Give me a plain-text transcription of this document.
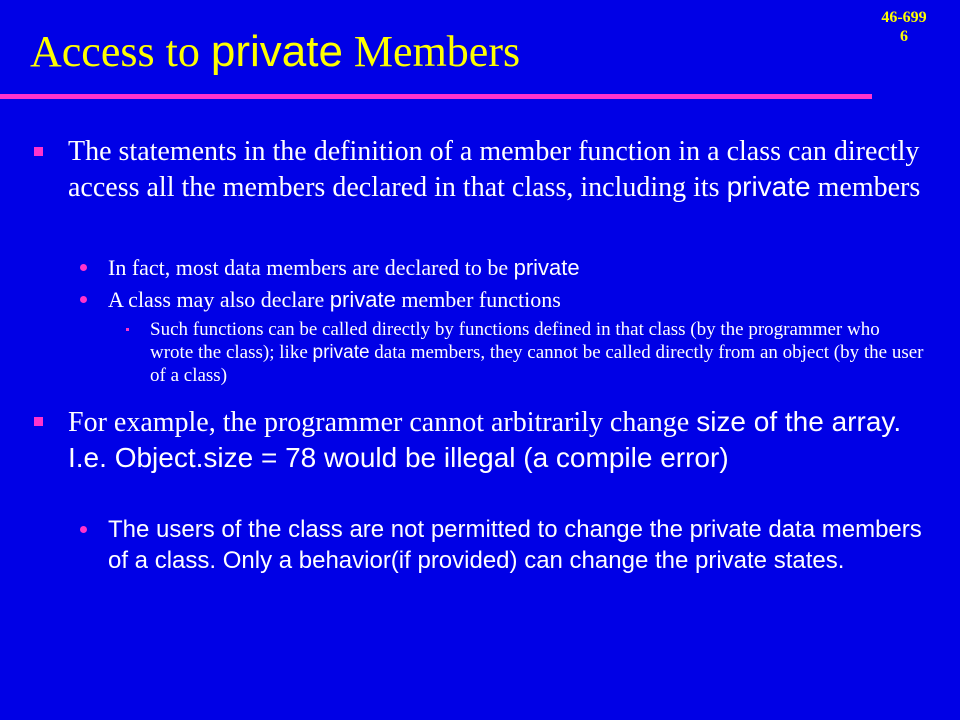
Access to private Members
46-699
6
The statements in the definition of a member function in a class can directly access all the members declared in that class, including its private members
In fact, most data members are declared to be private
A class may also declare private member functions
Such functions can be called directly by functions defined in that class (by the programmer who wrote the class); like private data members, they cannot be called directly from an object (by the user of a class)
For example, the programmer cannot arbitrarily change size of the array. I.e. Object.size = 78 would be illegal (a compile error)
The users of the class are not permitted to change the private data members of a class. Only a behavior(if provided) can change the private states.
